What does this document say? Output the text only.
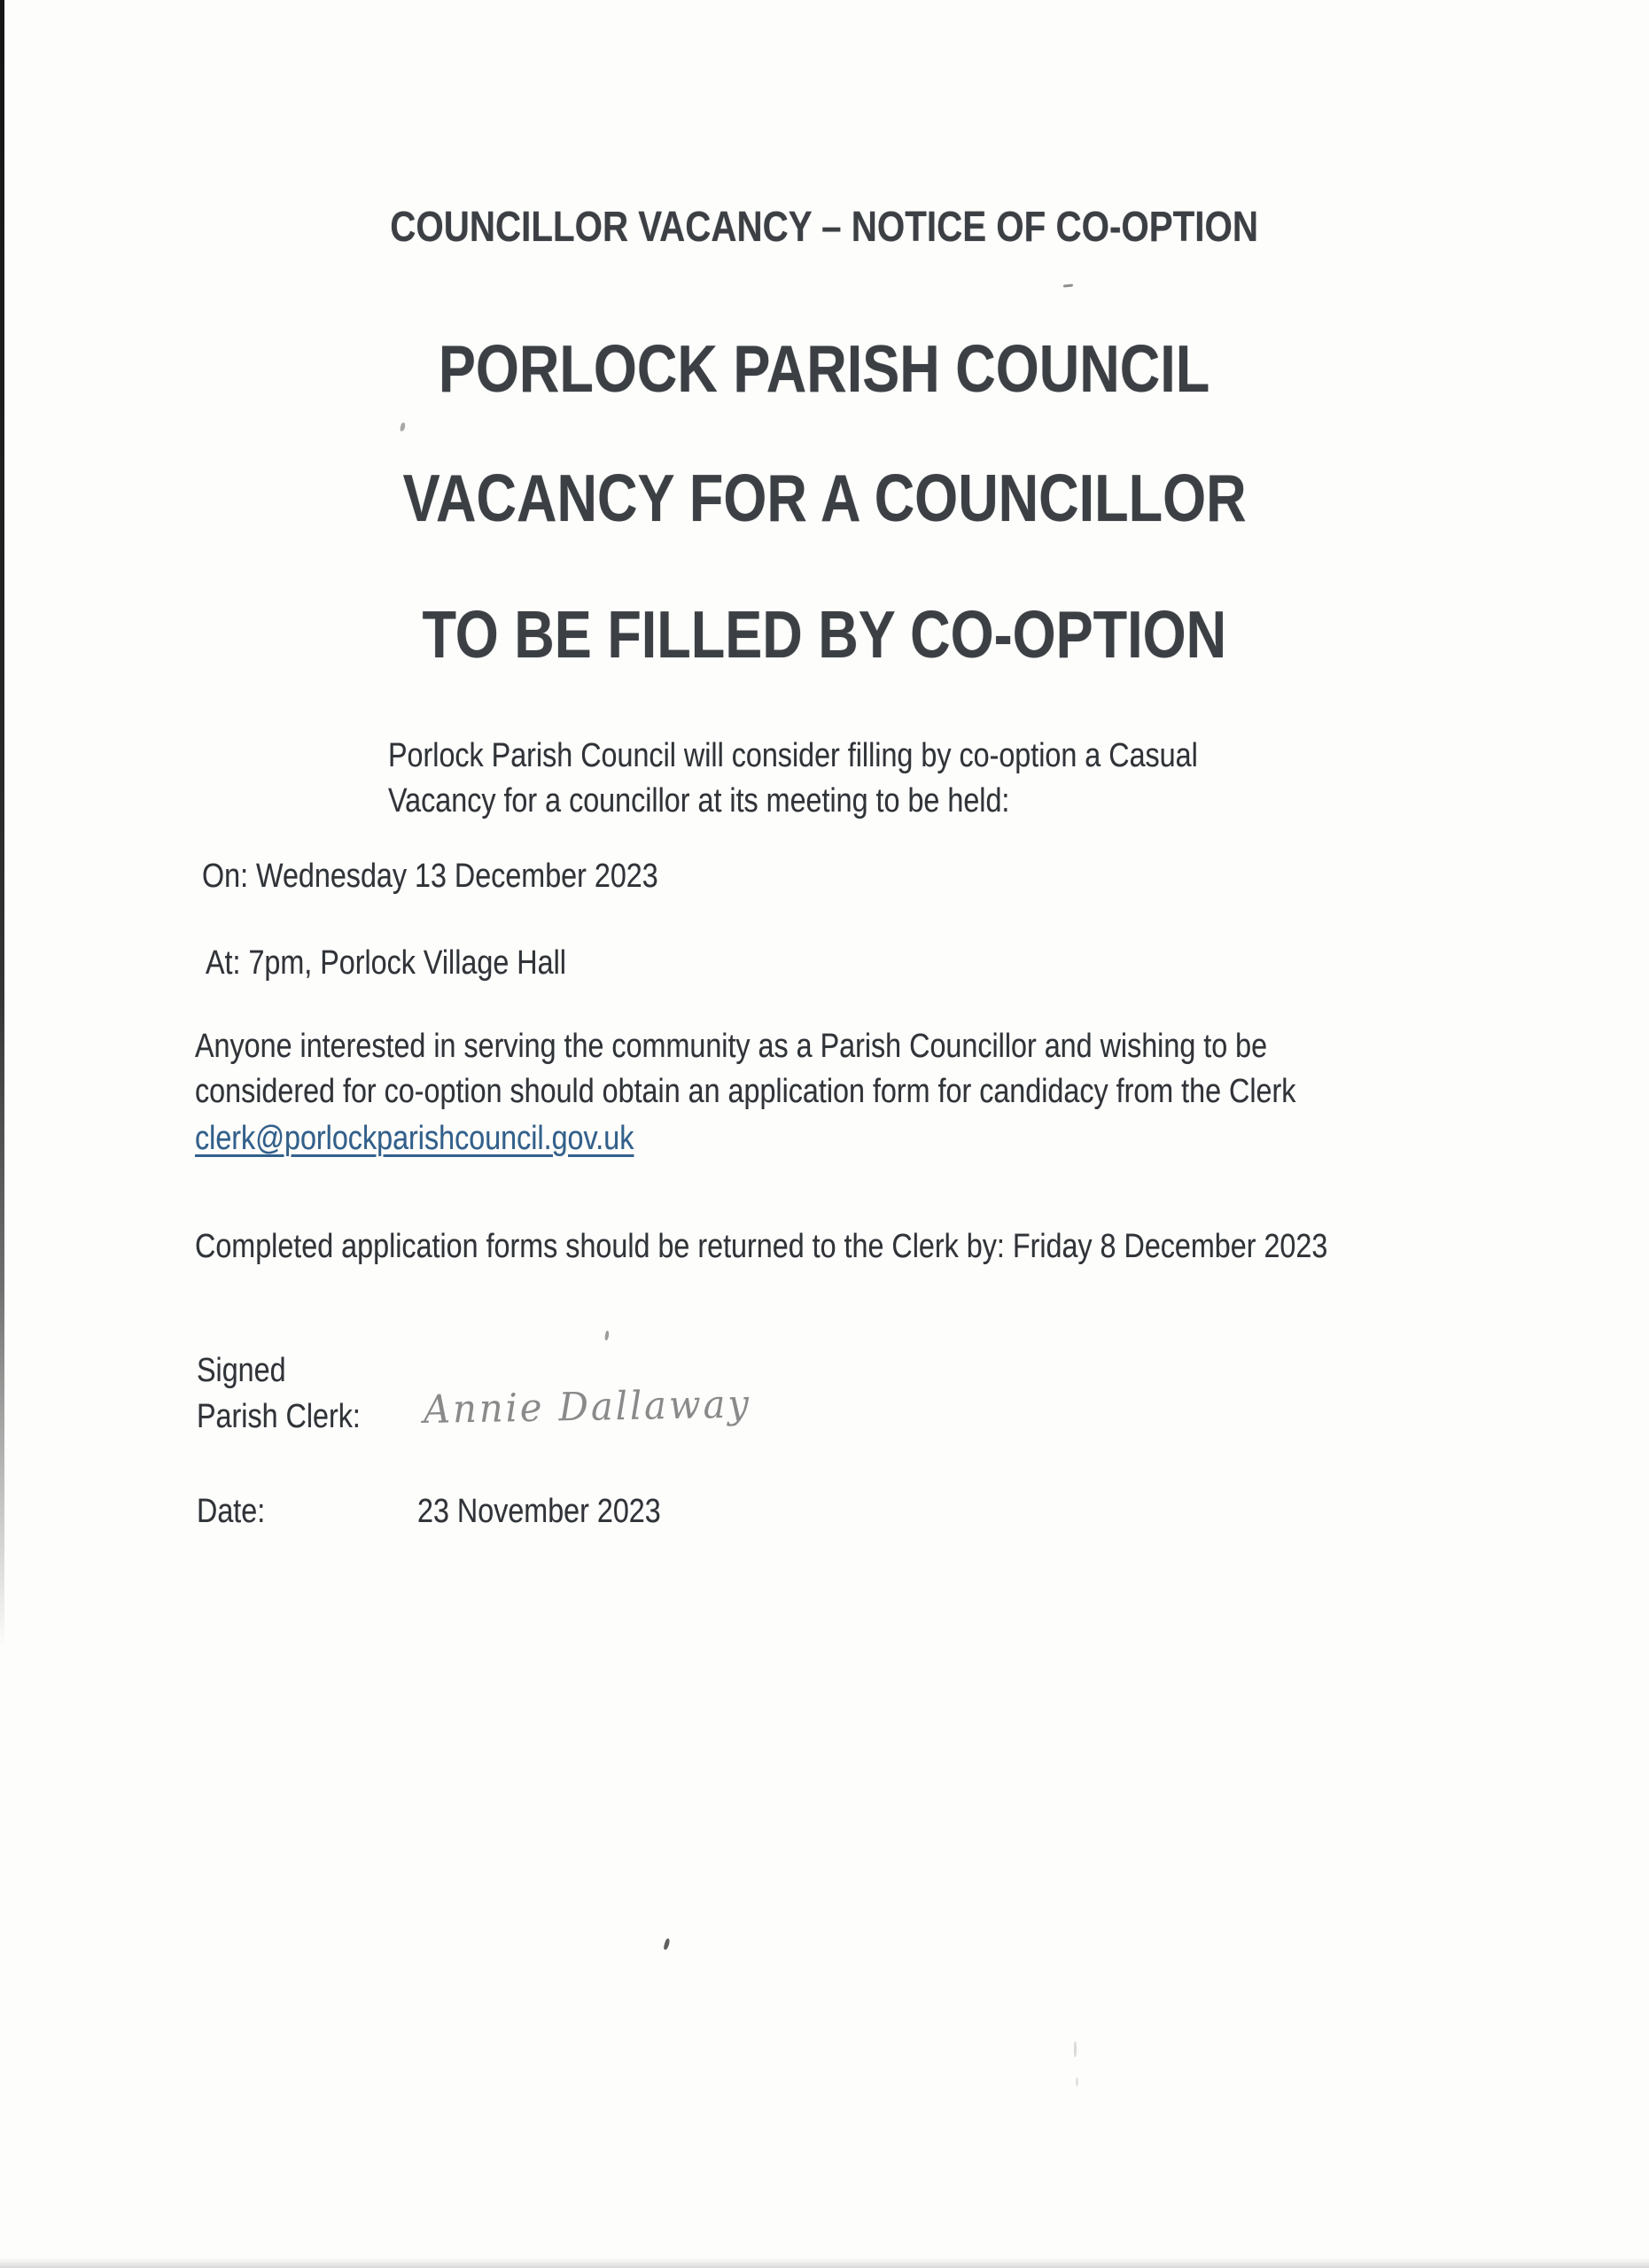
COUNCILLOR VACANCY – NOTICE OF CO-OPTION
PORLOCK PARISH COUNCIL
VACANCY FOR A COUNCILLOR
TO BE FILLED BY CO-OPTION
Porlock Parish Council will consider filling by co-option a Casual
Vacancy for a councillor at its meeting to be held:
On: Wednesday 13 December 2023
At: 7pm, Porlock Village Hall
Anyone interested in serving the community as a Parish Councillor and wishing to be
considered for co-option should obtain an application form for candidacy from the Clerk
clerk@porlockparishcouncil.gov.uk
Completed application forms should be returned to the Clerk by: Friday 8 December 2023
Signed
Parish Clerk: Annie Dallaway
Date:	23 November 2023
